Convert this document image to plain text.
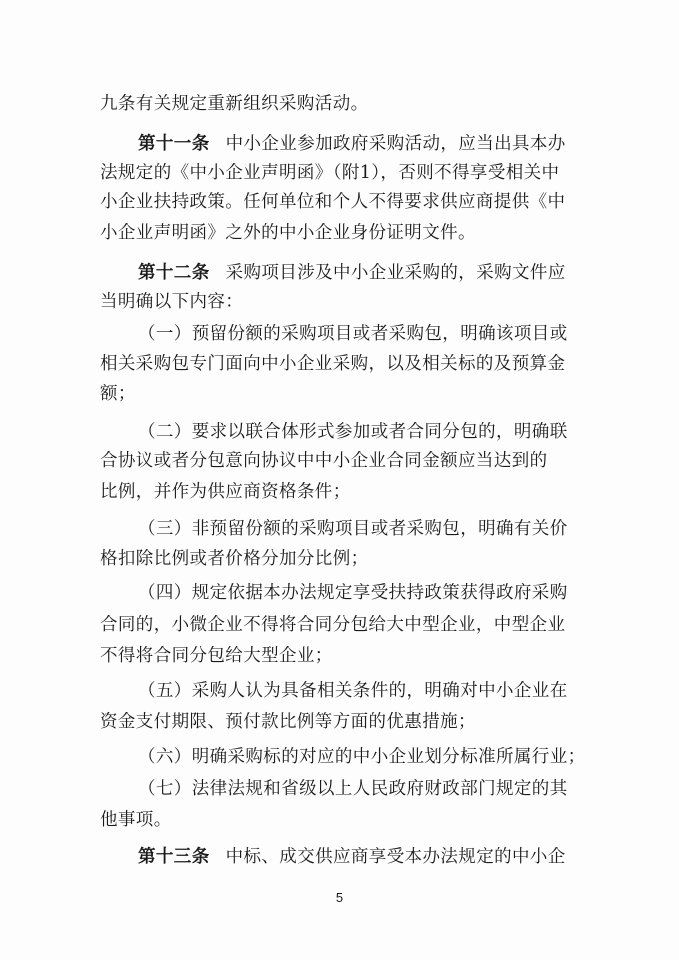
九条有关规定重新组织采购活动。
第十一条 中小企业参加政府采购活动，应当出具本办
法规定的《中小企业声明函》（附1），否则不得享受相关中
小企业扶持政策。任何单位和个人不得要求供应商提供《中
小企业声明函》之外的中小企业身份证明文件。
第十二条 采购项目涉及中小企业采购的，采购文件应
当明确以下内容：
（一）预留份额的采购项目或者采购包，明确该项目或
相关采购包专门面向中小企业采购，以及相关标的及预算金
额；
（二）要求以联合体形式参加或者合同分包的，明确联
合协议或者分包意向协议中中小企业合同金额应当达到的
比例，并作为供应商资格条件；
（三）非预留份额的采购项目或者采购包，明确有关价
格扣除比例或者价格分加分比例；
（四）规定依据本办法规定享受扶持政策获得政府采购
合同的，小微企业不得将合同分包给大中型企业，中型企业
不得将合同分包给大型企业；
（五）采购人认为具备相关条件的，明确对中小企业在
资金支付期限、预付款比例等方面的优惠措施；
（六）明确采购标的对应的中小企业划分标准所属行业；
（七）法律法规和省级以上人民政府财政部门规定的其
他事项。
第十三条 中标、成交供应商享受本办法规定的中小企
5
